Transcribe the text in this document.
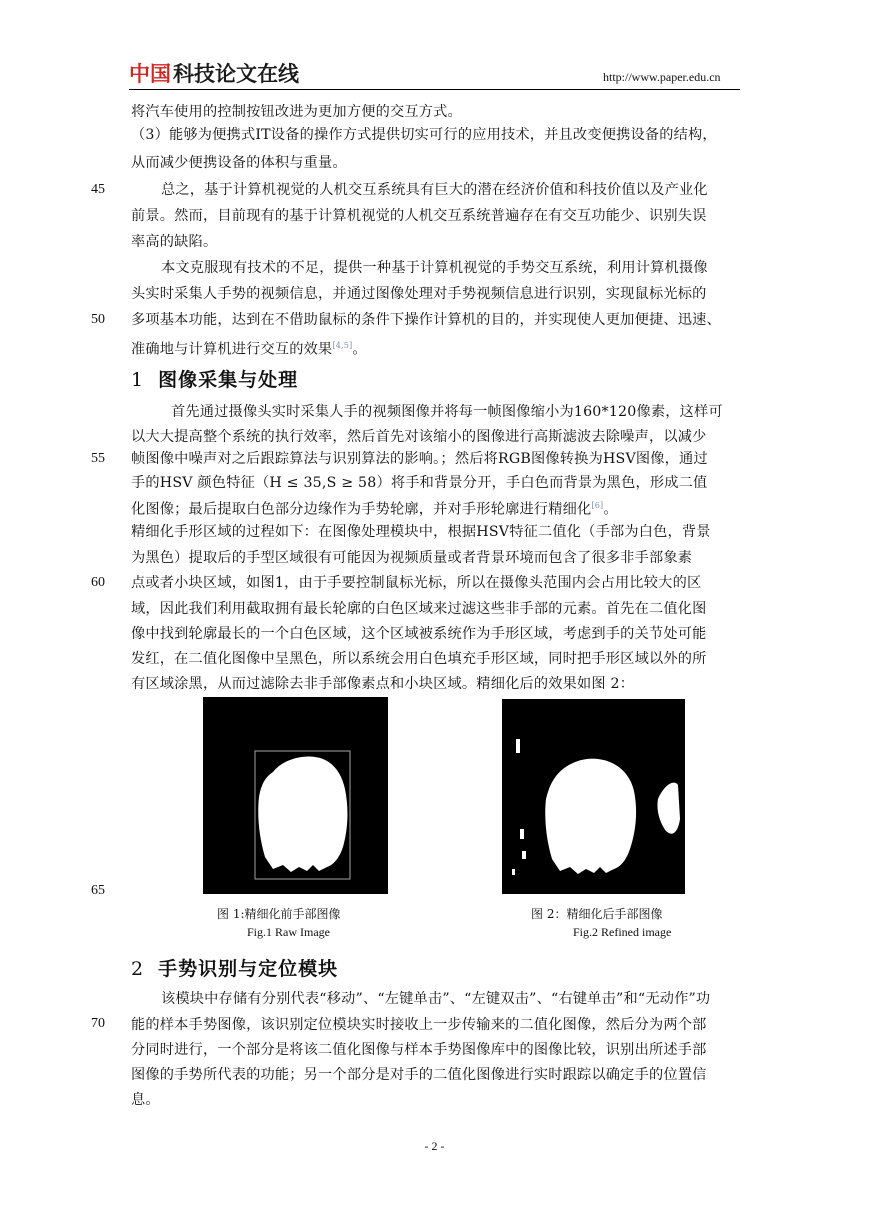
中国 科技论文在线	http://www.paper.edu.cn
将汽车使用的控制按钮改进为更加方便的交互方式。
（3）能够为便携式IT设备的操作方式提供切实可行的应用技术，并且改变便携设备的结构，
从而减少便携设备的体积与重量。
总之，基于计算机视觉的人机交互系统具有巨大的潜在经济价值和科技价值以及产业化
前景。然而，目前现有的基于计算机视觉的人机交互系统普遍存在有交互功能少、识别失误
率高的缺陷。
本文克服现有技术的不足，提供一种基于计算机视觉的手势交互系统，利用计算机摄像
头实时采集人手势的视频信息，并通过图像处理对手势视频信息进行识别，实现鼠标光标的
多项基本功能，达到在不借助鼠标的条件下操作计算机的目的，并实现使人更加便捷、迅速、
准确地与计算机进行交互的效果[4,5]。
1 图像采集与处理
首先通过摄像头实时采集人手的视频图像并将每一帧图像缩小为160*120像素，这样可
以大大提高整个系统的执行效率，然后首先对该缩小的图像进行高斯滤波去除噪声，以减少
帧图像中噪声对之后跟踪算法与识别算法的影响。；然后将RGB图像转换为HSV图像，通过
手的HSV 颜色特征（H ≤ 35,S ≥ 58）将手和背景分开，手白色而背景为黑色，形成二值
化图像；最后提取白色部分边缘作为手势轮廓，并对手形轮廓进行精细化[6]。
精细化手形区域的过程如下：在图像处理模块中，根据HSV特征二值化（手部为白色，背景
为黑色）提取后的手型区域很有可能因为视频质量或者背景环境而包含了很多非手部象素
点或者小块区域，如图1，由于手要控制鼠标光标，所以在摄像头范围内会占用比较大的区
域，因此我们利用截取拥有最长轮廓的白色区域来过滤这些非手部的元素。首先在二值化图
像中找到轮廓最长的一个白色区域，这个区域被系统作为手形区域，考虑到手的关节处可能
发红，在二值化图像中呈黑色，所以系统会用白色填充手形区域，同时把手形区域以外的所
有区域涂黑，从而过滤除去非手部像素点和小块区域。精细化后的效果如图 2：
图 1:精细化前手部图像
Fig.1 Raw Image
图 2：精细化后手部图像
Fig.2 Refined image
2 手势识别与定位模块
该模块中存储有分别代表“移动”、“左键单击”、“左键双击”、“右键单击”和“无动作”功
能的样本手势图像，该识别定位模块实时接收上一步传输来的二值化图像，然后分为两个部
分同时进行，一个部分是将该二值化图像与样本手势图像库中的图像比较，识别出所述手部
图像的手势所代表的功能；另一个部分是对手的二值化图像进行实时跟踪以确定手的位置信
息。
45
50
55
60
65
70
- 2 -
